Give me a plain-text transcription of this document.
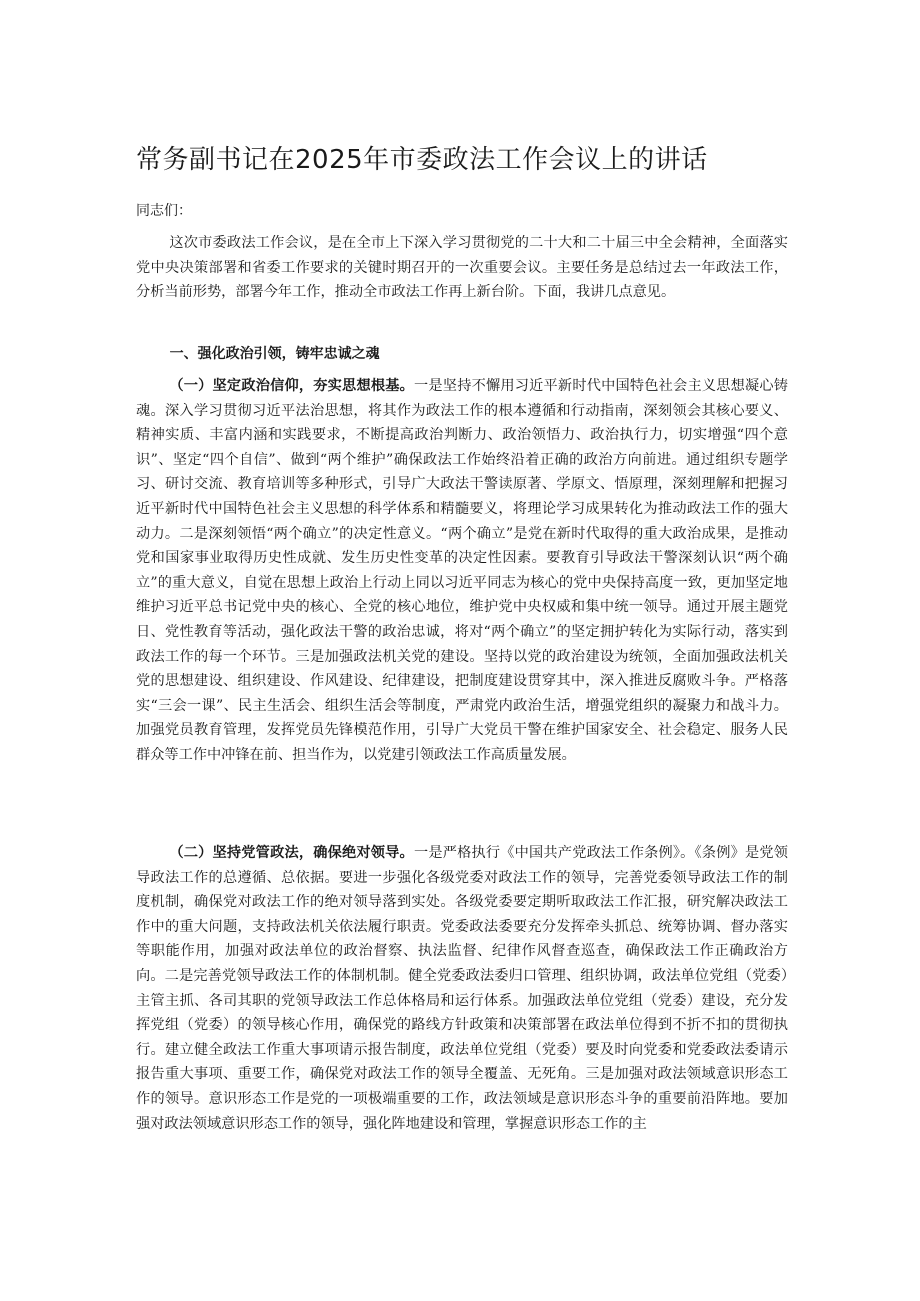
常务副书记在2025年市委政法工作会议上的讲话

同志们：

这次市委政法工作会议，是在全市上下深入学习贯彻党的二十大和二十届三中全会精神，全面落实党中央决策部署和省委工作要求的关键时期召开的一次重要会议。主要任务是总结过去一年政法工作，分析当前形势，部署今年工作，推动全市政法工作再上新台阶。下面，我讲几点意见。

一、强化政治引领，铸牢忠诚之魂

（一）坚定政治信仰，夯实思想根基。一是坚持不懈用习近平新时代中国特色社会主义思想凝心铸魂。深入学习贯彻习近平法治思想，将其作为政法工作的根本遵循和行动指南，深刻领会其核心要义、精神实质、丰富内涵和实践要求，不断提高政治判断力、政治领悟力、政治执行力，切实增强“四个意识”、坚定“四个自信”、做到“两个维护”确保政法工作始终沿着正确的政治方向前进。通过组织专题学习、研讨交流、教育培训等多种形式，引导广大政法干警读原著、学原文、悟原理，深刻理解和把握习近平新时代中国特色社会主义思想的科学体系和精髓要义，将理论学习成果转化为推动政法工作的强大动力。二是深刻领悟“两个确立”的决定性意义。“两个确立”是党在新时代取得的重大政治成果，是推动党和国家事业取得历史性成就、发生历史性变革的决定性因素。要教育引导政法干警深刻认识“两个确立”的重大意义，自觉在思想上政治上行动上同以习近平同志为核心的党中央保持高度一致，更加坚定地维护习近平总书记党中央的核心、全党的核心地位，维护党中央权威和集中统一领导。通过开展主题党日、党性教育等活动，强化政法干警的政治忠诚，将对“两个确立”的坚定拥护转化为实际行动，落实到政法工作的每一个环节。三是加强政法机关党的建设。坚持以党的政治建设为统领，全面加强政法机关党的思想建设、组织建设、作风建设、纪律建设，把制度建设贯穿其中，深入推进反腐败斗争。严格落实“三会一课”、民主生活会、组织生活会等制度，严肃党内政治生活，增强党组织的凝聚力和战斗力。加强党员教育管理，发挥党员先锋模范作用，引导广大党员干警在维护国家安全、社会稳定、服务人民群众等工作中冲锋在前、担当作为，以党建引领政法工作高质量发展。

（二）坚持党管政法，确保绝对领导。一是严格执行《中国共产党政法工作条例》。《条例》是党领导政法工作的总遵循、总依据。要进一步强化各级党委对政法工作的领导，完善党委领导政法工作的制度机制，确保党对政法工作的绝对领导落到实处。各级党委要定期听取政法工作汇报，研究解决政法工作中的重大问题，支持政法机关依法履行职责。党委政法委要充分发挥牵头抓总、统筹协调、督办落实等职能作用，加强对政法单位的政治督察、执法监督、纪律作风督查巡查，确保政法工作正确政治方向。二是完善党领导政法工作的体制机制。健全党委政法委归口管理、组织协调，政法单位党组（党委）主管主抓、各司其职的党领导政法工作总体格局和运行体系。加强政法单位党组（党委）建设，充分发挥党组（党委）的领导核心作用，确保党的路线方针政策和决策部署在政法单位得到不折不扣的贯彻执行。建立健全政法工作重大事项请示报告制度，政法单位党组（党委）要及时向党委和党委政法委请示报告重大事项、重要工作，确保党对政法工作的领导全覆盖、无死角。三是加强对政法领域意识形态工作的领导。意识形态工作是党的一项极端重要的工作，政法领域是意识形态斗争的重要前沿阵地。要加强对政法领域意识形态工作的领导，强化阵地建设和管理，掌握意识形态工作的主
